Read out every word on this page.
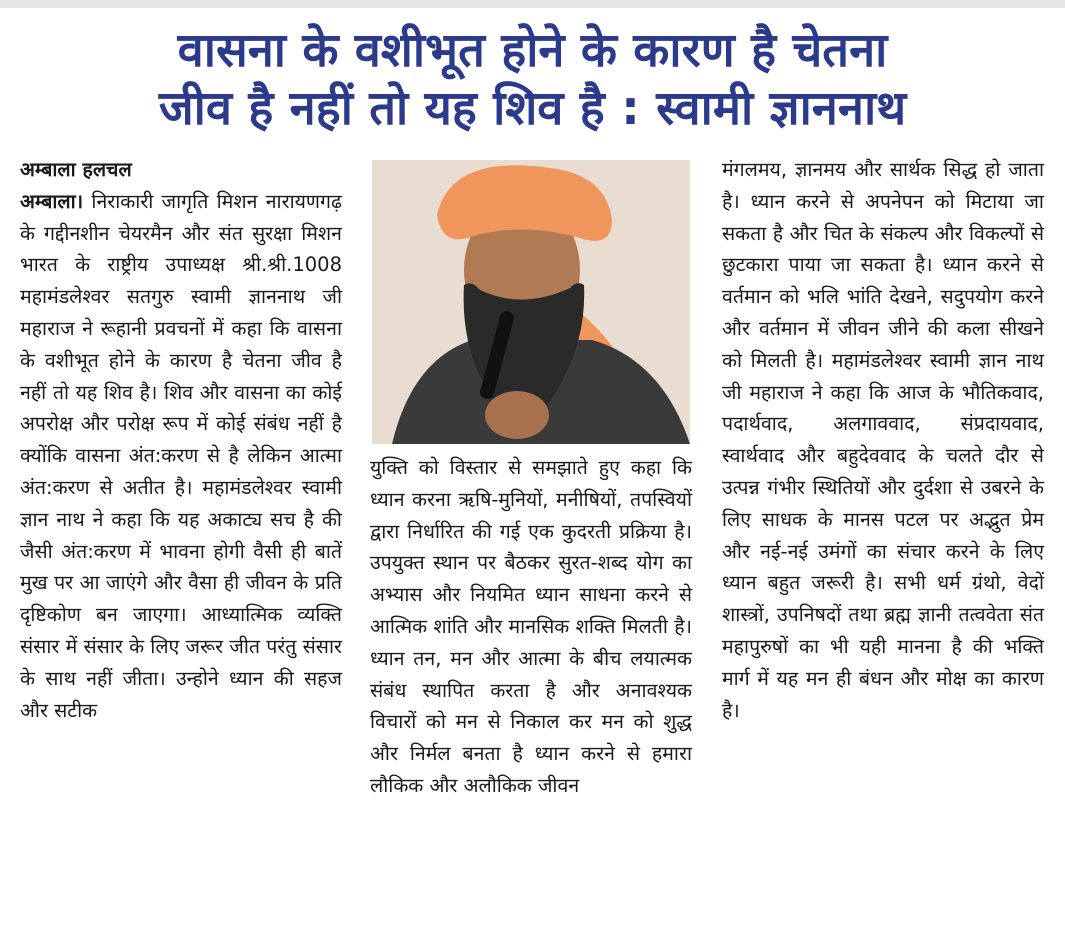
वासना के वशीभूत होने के कारण है चेतना
जीव है नहीं तो यह शिव है : स्वामी ज्ञाननाथ
अम्बाला हलचल

अम्बाला। निराकारी जागृति मिशन नारायणगढ़ के गद्दीनशीन चेयरमैन और संत सुरक्षा मिशन भारत के राष्ट्रीय उपाध्यक्ष श्री.श्री.1008 महामंडलेश्वर सतगुरु स्वामी ज्ञाननाथ जी महाराज ने रूहानी प्रवचनों में कहा कि वासना के वशीभूत होने के कारण है चेतना जीव है नहीं तो यह शिव है। शिव और वासना का कोई अपरोक्ष और परोक्ष रूप में कोई संबंध नहीं है क्योंकि वासना अंत:करण से है लेकिन आत्मा अंत:करण से अतीत है। महामंडलेश्वर स्वामी ज्ञान नाथ ने कहा कि यह अकाट्य सच है की जैसी अंत:करण में भावना होगी वैसी ही बातें मुख पर आ जाएंगे और वैसा ही जीवन के प्रति दृष्टिकोण बन जाएगा। आध्यात्मिक व्यक्ति संसार में संसार के लिए जरूर जीत परंतु संसार के साथ नहीं जीता। उन्होने ध्यान की सहज और सटीक

युक्ति को विस्तार से समझाते हुए कहा कि ध्यान करना ऋषि-मुनियों, मनीषियों, तपस्वियों द्वारा निर्धारित की गई एक कुदरती प्रक्रिया है। उपयुक्त स्थान पर बैठकर सुरत-शब्द योग का अभ्यास और नियमित ध्यान साधना करने से आत्मिक शांति और मानसिक शक्ति मिलती है। ध्यान तन, मन और आत्मा के बीच लयात्मक संबंध स्थापित करता है और अनावश्यक विचारों को मन से निकाल कर मन को शुद्ध और निर्मल बनता है ध्यान करने से हमारा लौकिक और अलौकिक जीवन

मंगलमय, ज्ञानमय और सार्थक सिद्ध हो जाता है। ध्यान करने से अपनेपन को मिटाया जा सकता है और चित के संकल्प और विकल्पों से छुटकारा पाया जा सकता है। ध्यान करने से वर्तमान को भलि भांति देखने, सदुपयोग करने और वर्तमान में जीवन जीने की कला सीखने को मिलती है। महामंडलेश्वर स्वामी ज्ञान नाथ जी महाराज ने कहा कि आज के भौतिकवाद, पदार्थवाद, अलगाववाद, संप्रदायवाद, स्वार्थवाद और बहुदेववाद के चलते दौर से उत्पन्न गंभीर स्थितियों और दुर्दशा से उबरने के लिए साधक के मानस पटल पर अद्भुत प्रेम और नई-नई उमंगों का संचार करने के लिए ध्यान बहुत जरूरी है। सभी धर्म ग्रंथो, वेदों शास्त्रों, उपनिषदों तथा ब्रह्म ज्ञानी तत्ववेता संत महापुरुषों का भी यही मानना है की भक्ति मार्ग में यह मन ही बंधन और मोक्ष का कारण है।
